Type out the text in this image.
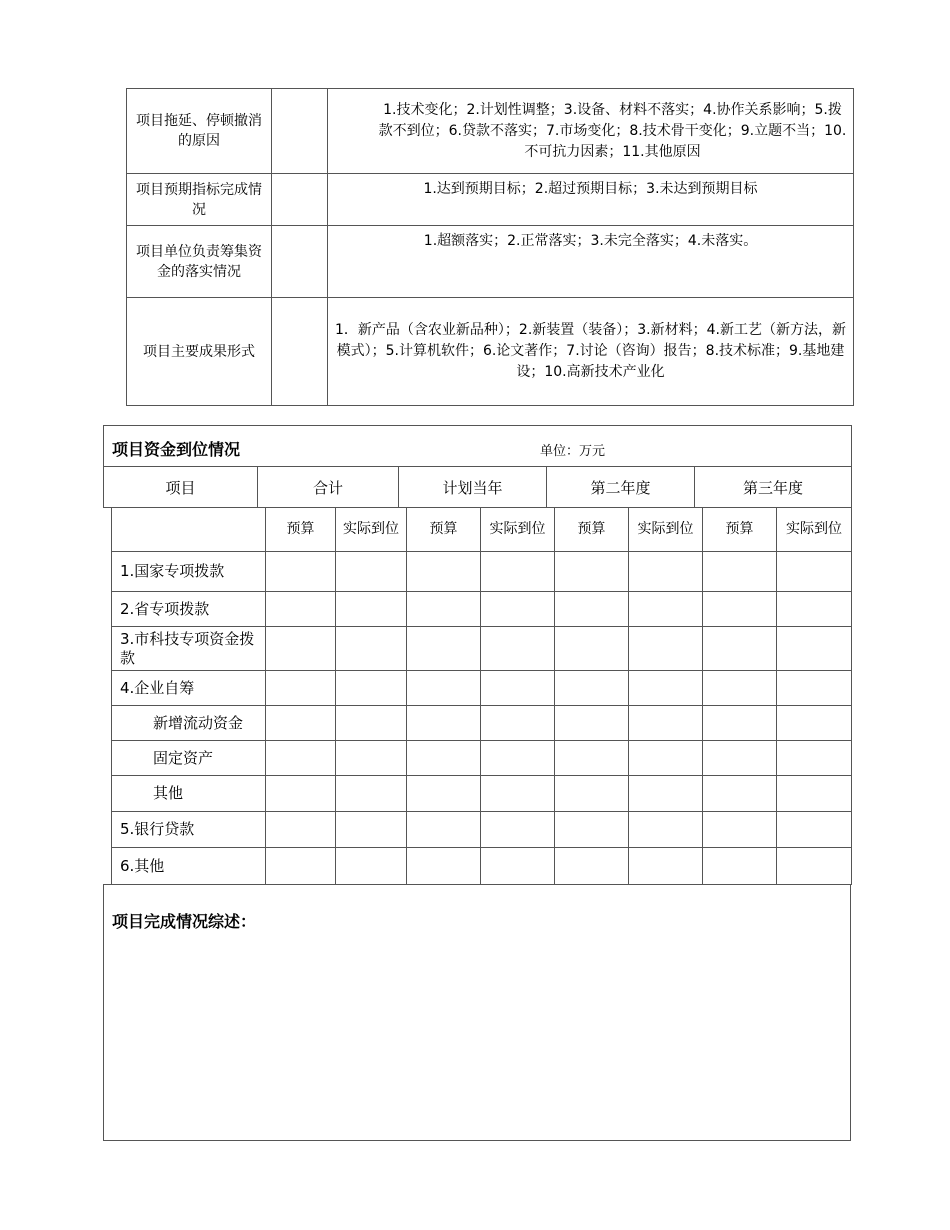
项目拖延、停顿撤消的原因		1.技术变化；2.计划性调整；3.设备、材料不落实；4.协作关系影响；5.拨款不到位；6.贷款不落实；7.市场变化；8.技术骨干变化；9.立题不当；10.不可抗力因素；11.其他原因
项目预期指标完成情况		1.达到预期目标；2.超过预期目标；3.未达到预期目标
项目单位负责筹集资金的落实情况		1.超额落实；2.正常落实；3.未完全落实；4.未落实。
项目主要成果形式		1．新产品（含农业新品种）；2.新装置（装备）；3.新材料；4.新工艺（新方法，新模式）；5.计算机软件；6.论文著作；7.讨论（咨询）报告；8.技术标准；9.基地建设；10.高新技术产业化
项目资金到位情况	单位：万元
项目	合计	计划当年	第二年度	第三年度
	预算	实际到位	预算	实际到位	预算	实际到位	预算	实际到位
1.国家专项拨款								
2.省专项拨款								
3.市科技专项资金拨款								
4.企业自筹								
新增流动资金								
固定资产								
其他								
5.银行贷款								
6.其他								
项目完成情况综述：
